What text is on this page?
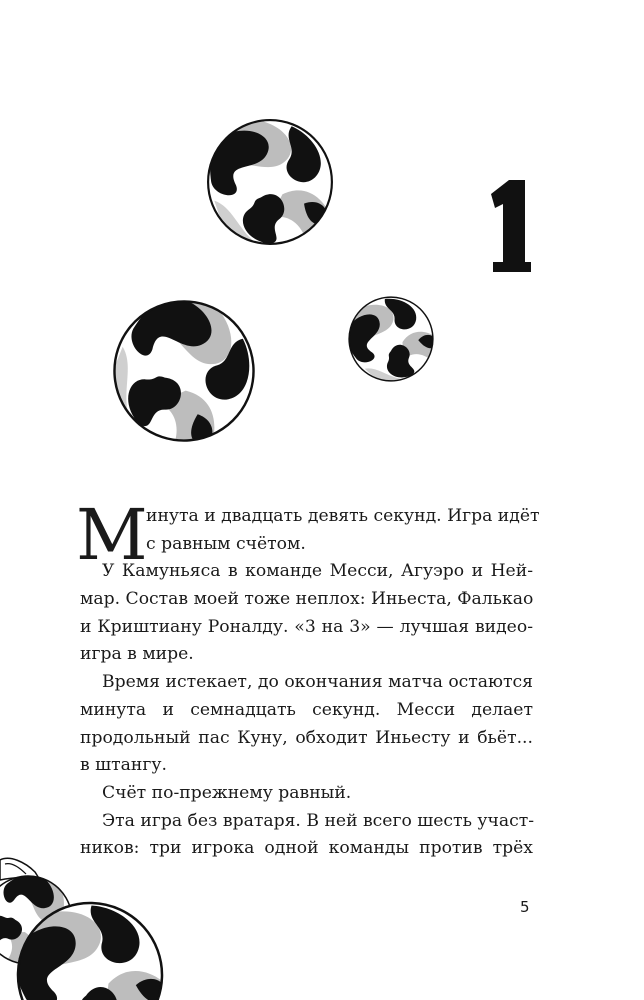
М
инута и двадцать девять секунд. Игра идёт
с равным счётом.
У Камуньяса в команде Месси, Агуэро и Ней-
мар. Состав моей тоже неплох: Иньеста, Фалькао
и Криштиану Роналду. «3 на 3» — лучшая видео-
игра в мире.
Время истекает, до окончания матча остаются
минута и семнадцать секунд. Месси делает
продольный пас Куну, обходит Иньесту и бьёт...
в штангу.
Счёт по-прежнему равный.
Эта игра без вратаря. В ней всего шесть участ-
ников: три игрока одной команды против трёх
5
